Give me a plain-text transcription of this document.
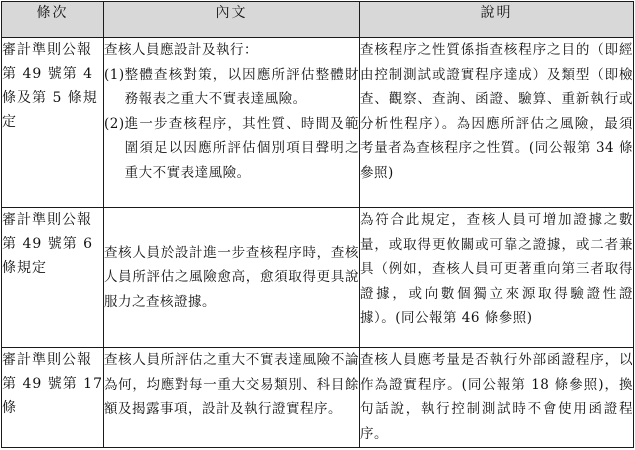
條次	內文	說明
審計準則公報第 49 號第 4 條及第 5 條規定	查核人員應設計及執行：
(1) 整體查核對策，以因應所評估整體財務報表之重大不實表達風險。
(2) 進一步查核程序，其性質、時間及範圍須足以因應所評估個別項目聲明之重大不實表達風險。	查核程序之性質係指查核程序之目的（即經由控制測試或證實程序達成）及類型（即檢查、觀察、查詢、函證、驗算、重新執行或分析性程序）。為因應所評估之風險，最須考量者為查核程序之性質。(同公報第 34 條參照)
審計準則公報第 49 號第 6 條規定	查核人員於設計進一步查核程序時，查核人員所評估之風險愈高，愈須取得更具說服力之查核證據。	為符合此規定，查核人員可增加證據之數量，或取得更攸關或可靠之證據，或二者兼具（例如，查核人員可更著重向第三者取得證據，或向數個獨立來源取得驗證性證據）。(同公報第 46 條參照)
審計準則公報第 49 號第 17 條	查核人員所評估之重大不實表達風險不論為何，均應對每一重大交易類別、科目餘額及揭露事項，設計及執行證實程序。	查核人員應考量是否執行外部函證程序，以作為證實程序。(同公報第 18 條參照)，換句話說，執行控制測試時不會使用函證程序。
